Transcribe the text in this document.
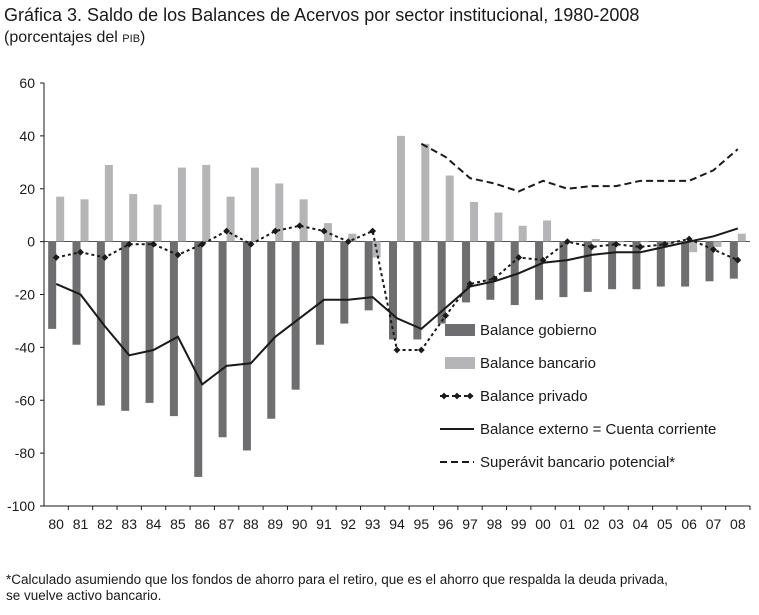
Gráfica 3. Saldo de los Balances de Acervos por sector institucional, 1980-2008
(porcentajes del PIB)
60
40
20
0
-20
-40
-60
-80
-100
80 81 82 83 84 85 86 87 88 89 90 91 92 93 94 95 96 97 98 99 00 01 02 03 04 05 06 07 08
Balance gobierno
Balance bancario
Balance privado
Balance externo = Cuenta corriente
Superávit bancario potencial*
*Calculado asumiendo que los fondos de ahorro para el retiro, que es el ahorro que respalda la deuda privada,
se vuelve activo bancario.
